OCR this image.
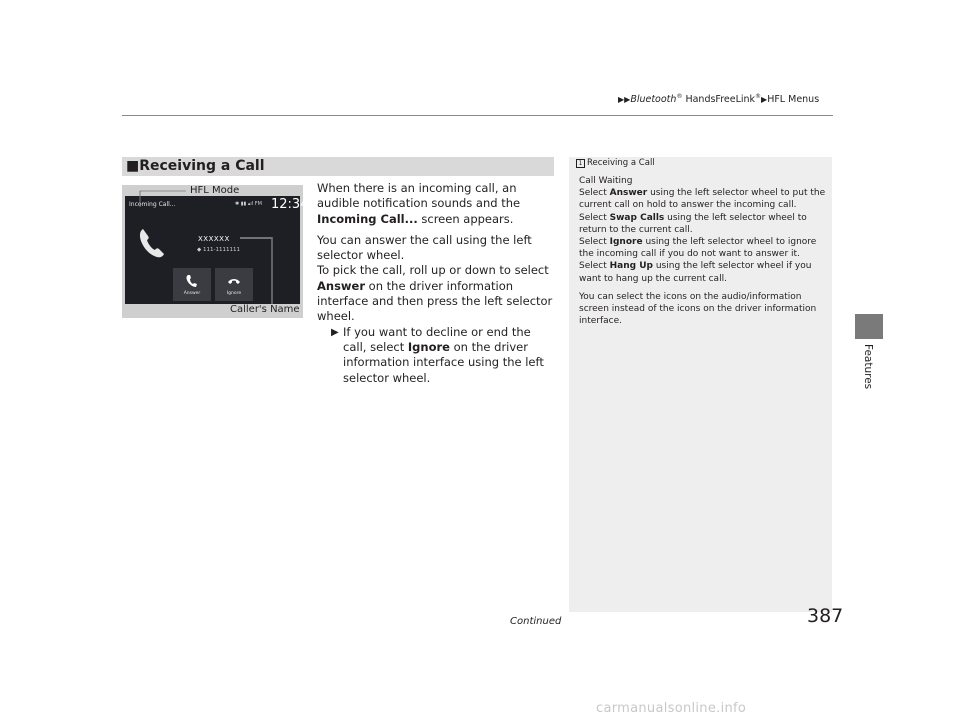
▶▶Bluetooth® HandsFreeLink®▶HFL Menus
Features
■Receiving a Call
Incoming Call...	✱ ▮▮ ▴ıl FM 12:34
XXXXXX
◆ 111-1111111
Answer	Ignore
HFL Mode
Caller's Name

When there is an incoming call, an audible notification sounds and the Incoming Call... screen appears.

You can answer the call using the left selector wheel.

To pick the call, roll up or down to select Answer on the driver information interface and then press the left selector wheel.

▶ If you want to decline or end the call, select Ignore on the driver information interface using the left selector wheel.

1 Receiving a Call

Call Waiting

Select Answer using the left selector wheel to put the current call on hold to answer the incoming call.

Select Swap Calls using the left selector wheel to return to the current call.

Select Ignore using the left selector wheel to ignore the incoming call if you do not want to answer it.

Select Hang Up using the left selector wheel if you want to hang up the current call.

You can select the icons on the audio/information screen instead of the icons on the driver information interface.

Continued	387
carmanualsonline.info
